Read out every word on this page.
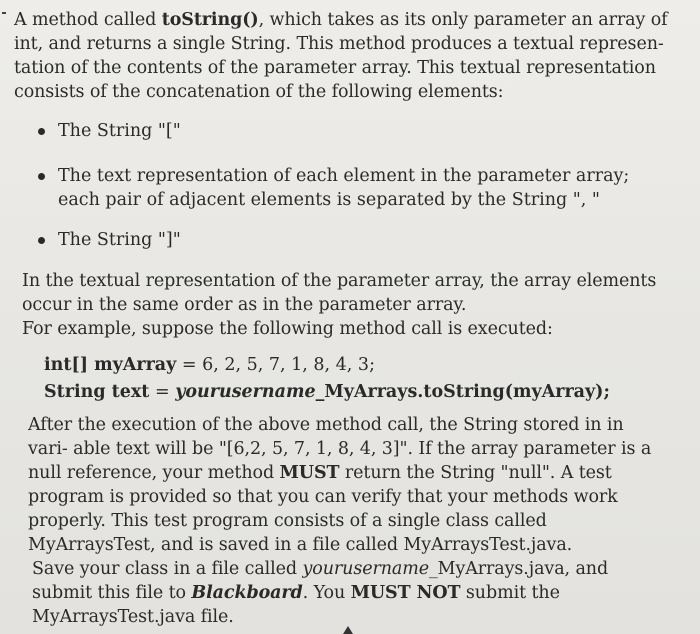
A method called toString(), which takes as its only parameter an array of int, and returns a single String. This method produces a textual represen- tation of the contents of the parameter array. This textual representation consists of the concatenation of the following elements:

The String "["
The text representation of each element in the parameter array; each pair of adjacent elements is separated by the String ", "
The String "]"

In the textual representation of the parameter array, the array elements occur in the same order as in the parameter array.
For example, suppose the following method call is executed:

int[] myArray = 6, 2, 5, 7, 1, 8, 4, 3;
String text = yourusername_MyArrays.toString(myArray);

After the execution of the above method call, the String stored in in vari- able text will be "[6,2, 5, 7, 1, 8, 4, 3]". If the array parameter is a null reference, your method MUST return the String "null". A test program is provided so that you can verify that your methods work properly. This test program consists of a single class called MyArraysTest, and is saved in a file called MyArraysTest.java.

Save your class in a file called yourusername_MyArrays.java, and submit this file to Blackboard. You MUST NOT submit the MyArraysTest.java file.
